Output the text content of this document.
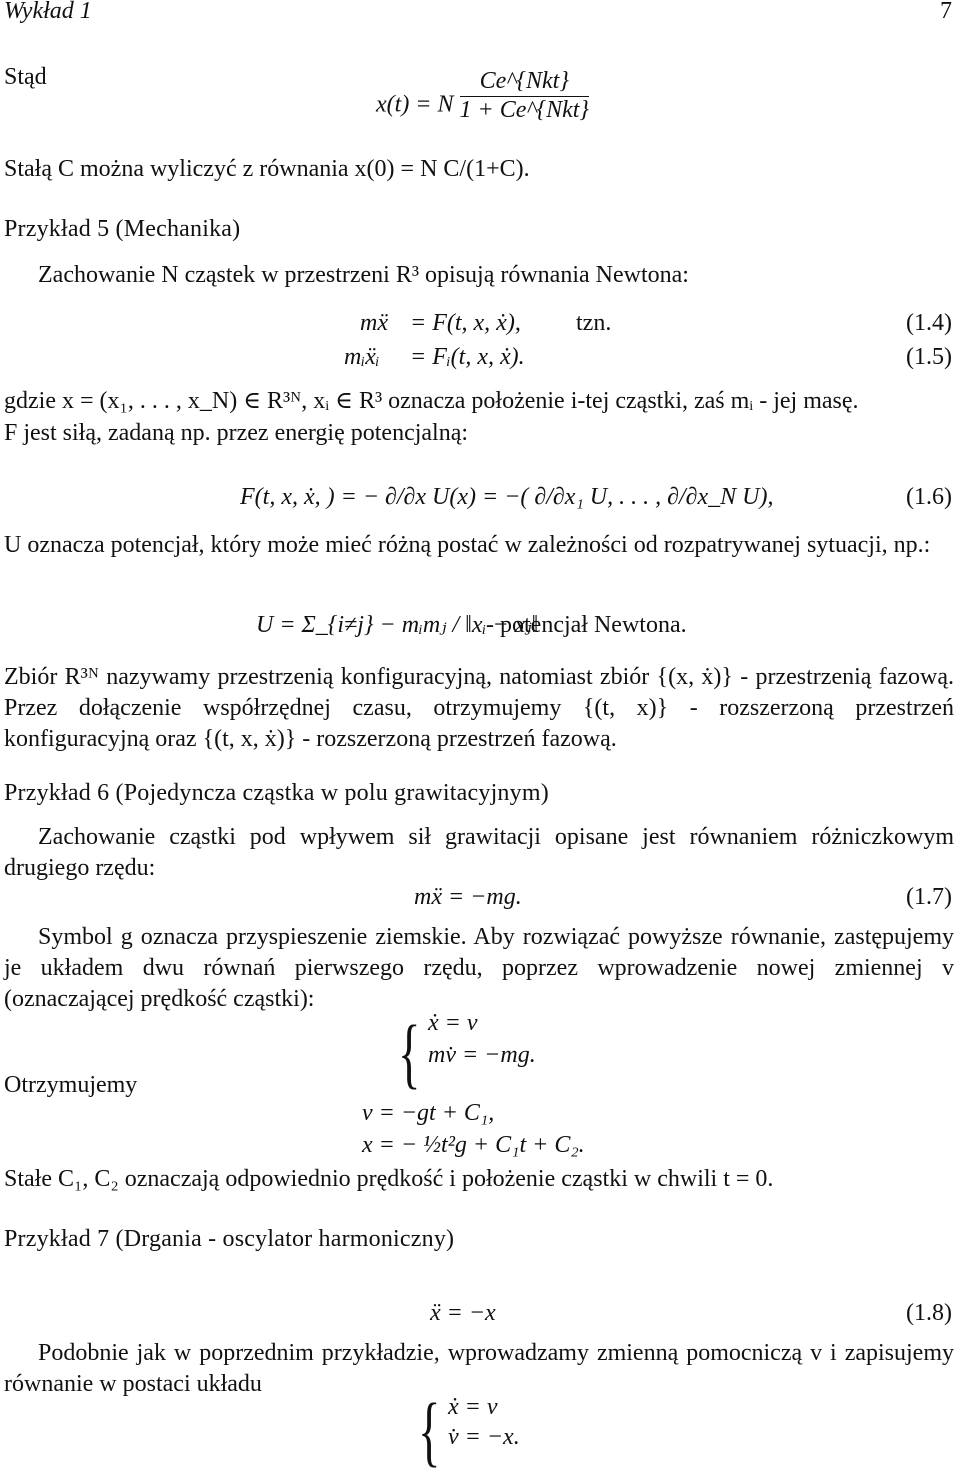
Wykład 1	7
Stąd
x(t) = N $\frac{\text{Ce\textasciicircum{}\{Nkt\}}}{\text{1 + Ce\textasciicircum{}\{Nkt\}}}$
Stałą C można wyliczyć z równania x(0) = N C/(1+C).
Przykład 5 (Mechanika)
Zachowanie N cząstek w przestrzeni R³ opisują równania Newtona:
mẍ = F(t, x, ẋ), tzn.	(1.4)
mᵢẍᵢ = Fᵢ(t, x, ẋ).	(1.5)
gdzie x = (x₁, . . . , x_N) ∈ R³ᴺ, xᵢ ∈ R³ oznacza położenie i-tej cząstki, zaś mᵢ - jej masę.
F jest siłą, zadaną np. przez energię potencjalną:
F(t, x, ẋ, ) = − ∂/∂x U(x) = −( ∂/∂x₁ U, . . . , ∂/∂x_N U),	(1.6)
U oznacza potencjał, który może mieć różną postać w zależności od rozpatrywanej sytuacji, np.:
U = Σ_{i≠j} − mᵢmⱼ / ‖xᵢ − xⱼ‖
- potencjał Newtona.
Zbiór R³ᴺ nazywamy przestrzenią konfiguracyjną, natomiast zbiór {(x, ẋ)} - przestrzenią fazową. Przez dołączenie współrzędnej czasu, otrzymujemy {(t, x)} - rozszerzoną przestrzeń konfiguracyjną oraz {(t, x, ẋ)} - rozszerzoną przestrzeń fazową.
Przykład 6 (Pojedyncza cząstka w polu grawitacyjnym)
Zachowanie cząstki pod wpływem sił grawitacji opisane jest równaniem różniczkowym drugiego rzędu:
mẍ = −mg.	(1.7)
Symbol g oznacza przyspieszenie ziemskie. Aby rozwiązać powyższe równanie, zastępujemy je układem dwu równań pierwszego rzędu, poprzez wprowadzenie nowej zmiennej v (oznaczającej prędkość cząstki):
{ ẋ = v
mv̇ = −mg.
Otrzymujemy
v = −gt + C₁,
x = − ½t²g + C₁t + C₂.
Stałe C₁, C₂ oznaczają odpowiednio prędkość i położenie cząstki w chwili t = 0.
Przykład 7 (Drgania - oscylator harmoniczny)
ẍ = −x	(1.8)
Podobnie jak w poprzednim przykładzie, wprowadzamy zmienną pomocniczą v i zapisujemy równanie w postaci układu
{ ẋ = v
v̇ = −x.
